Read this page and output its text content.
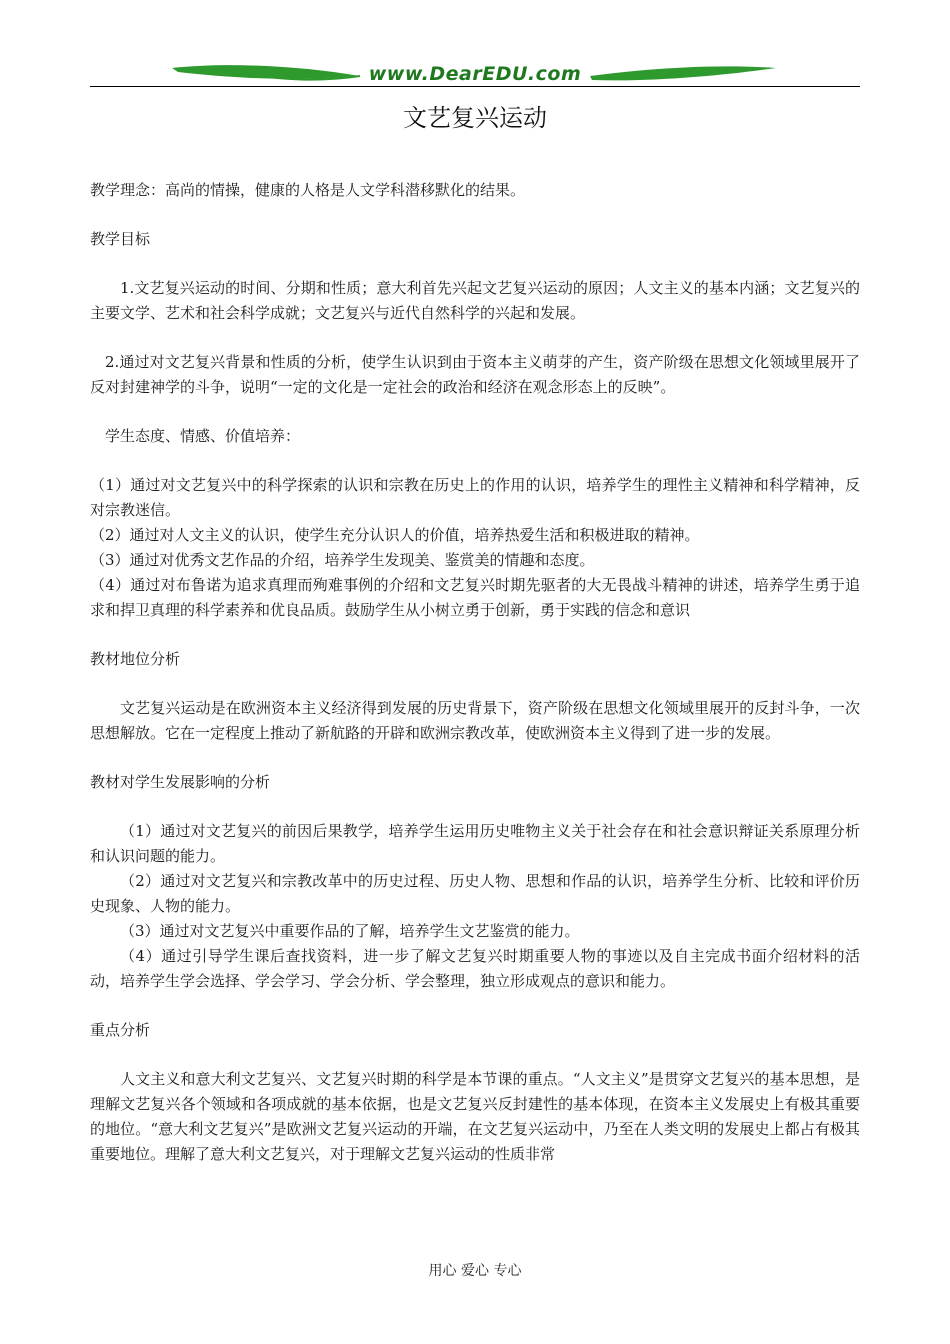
www.DearEDU.com
文艺复兴运动

教学理念：高尚的情操，健康的人格是人文学科潜移默化的结果。

教学目标

1.文艺复兴运动的时间、分期和性质；意大利首先兴起文艺复兴运动的原因；人文主义的基本内涵；文艺复兴的主要文学、艺术和社会科学成就；文艺复兴与近代自然科学的兴起和发展。

2.通过对文艺复兴背景和性质的分析，使学生认识到由于资本主义萌芽的产生，资产阶级在思想文化领域里展开了反对封建神学的斗争，说明“一定的文化是一定社会的政治和经济在观念形态上的反映”。

学生态度、情感、价值培养：

（1）通过对文艺复兴中的科学探索的认识和宗教在历史上的作用的认识，培养学生的理性主义精神和科学精神，反对宗教迷信。

（2）通过对人文主义的认识，使学生充分认识人的价值，培养热爱生活和积极进取的精神。

（3）通过对优秀文艺作品的介绍，培养学生发现美、鉴赏美的情趣和态度。

（4）通过对布鲁诺为追求真理而殉难事例的介绍和文艺复兴时期先驱者的大无畏战斗精神的讲述，培养学生勇于追求和捍卫真理的科学素养和优良品质。鼓励学生从小树立勇于创新，勇于实践的信念和意识

教材地位分析

文艺复兴运动是在欧洲资本主义经济得到发展的历史背景下，资产阶级在思想文化领域里展开的反封斗争，一次思想解放。它在一定程度上推动了新航路的开辟和欧洲宗教改革，使欧洲资本主义得到了进一步的发展。

教材对学生发展影响的分析

（1）通过对文艺复兴的前因后果教学，培养学生运用历史唯物主义关于社会存在和社会意识辩证关系原理分析和认识问题的能力。

（2）通过对文艺复兴和宗教改革中的历史过程、历史人物、思想和作品的认识，培养学生分析、比较和评价历史现象、人物的能力。

（3）通过对文艺复兴中重要作品的了解，培养学生文艺鉴赏的能力。

（4）通过引导学生课后查找资料，进一步了解文艺复兴时期重要人物的事迹以及自主完成书面介绍材料的活动，培养学生学会选择、学会学习、学会分析、学会整理，独立形成观点的意识和能力。

重点分析

人文主义和意大利文艺复兴、文艺复兴时期的科学是本节课的重点。“人文主义”是贯穿文艺复兴的基本思想，是理解文艺复兴各个领域和各项成就的基本依据，也是文艺复兴反封建性的基本体现，在资本主义发展史上有极其重要的地位。“意大利文艺复兴”是欧洲文艺复兴运动的开端，在文艺复兴运动中，乃至在人类文明的发展史上都占有极其重要地位。理解了意大利文艺复兴，对于理解文艺复兴运动的性质非常

用心 爱心 专心
